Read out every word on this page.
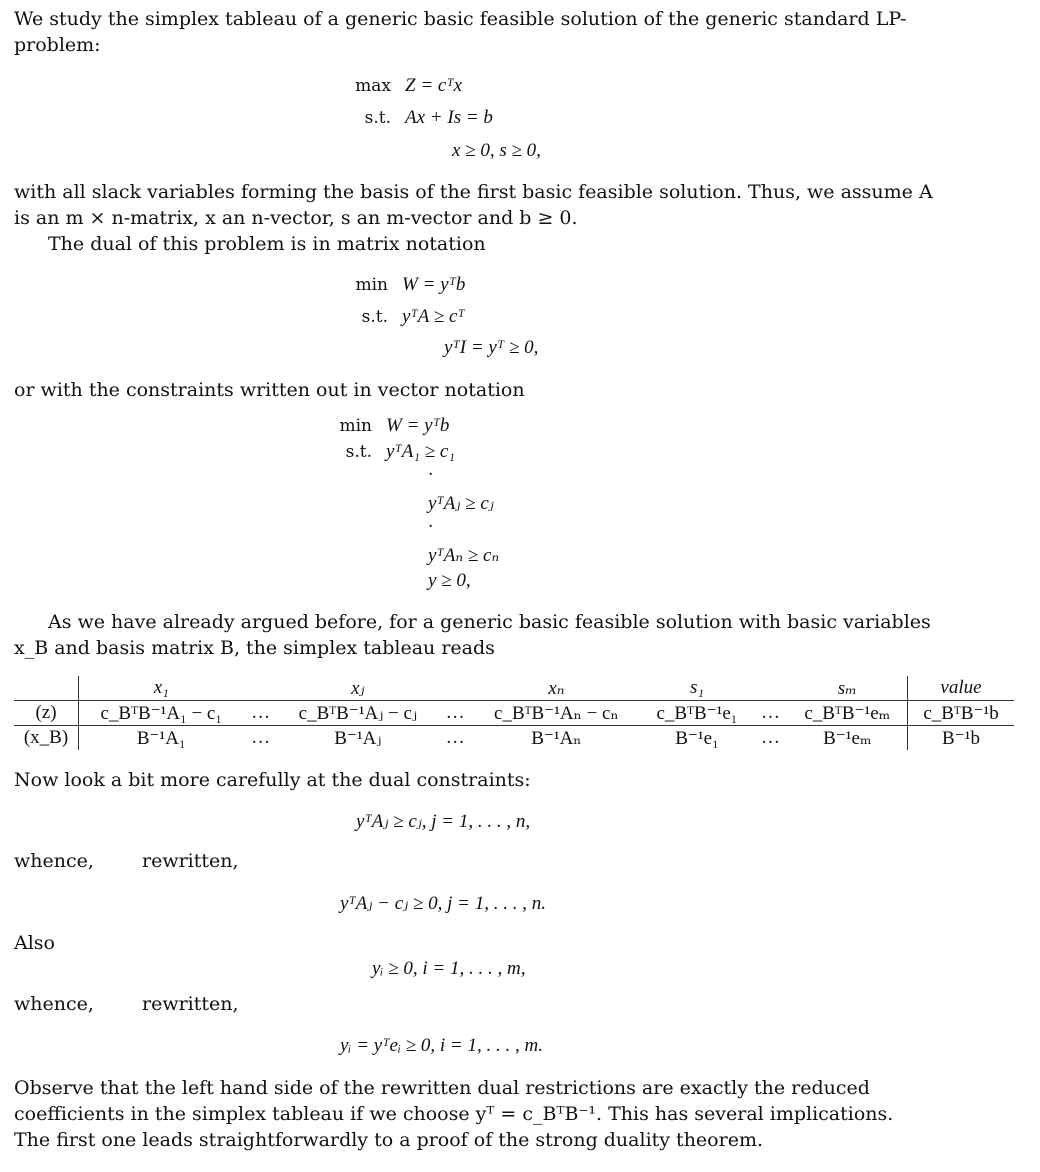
We study the simplex tableau of a generic basic feasible solution of the generic standard LP-problem:
max Z = cᵀx
s.t. Ax + Is = b
x ≥ 0, s ≥ 0,
with all slack variables forming the basis of the first basic feasible solution. Thus, we assume A is an m × n-matrix, x an n-vector, s an m-vector and b ≥ 0.
The dual of this problem is in matrix notation
min W = yᵀb
s.t. yᵀA ≥ cᵀ
yᵀI = yᵀ ≥ 0,
or with the constraints written out in vector notation
min W = yᵀb
s.t. yᵀA₁ ≥ c₁
·
yᵀAⱼ ≥ cⱼ
·
yᵀAₙ ≥ cₙ
y ≥ 0,
As we have already argued before, for a generic basic feasible solution with basic variables x_B and basis matrix B, the simplex tableau reads
	x₁		xⱼ		xₙ	s₁		sₘ	value
(z)	c_BᵀB⁻¹A₁ − c₁	…	c_BᵀB⁻¹Aⱼ − cⱼ	…	c_BᵀB⁻¹Aₙ − cₙ	c_BᵀB⁻¹e₁	…	c_BᵀB⁻¹eₘ	c_BᵀB⁻¹b
(x_B)	B⁻¹A₁	…	B⁻¹Aⱼ	…	B⁻¹Aₙ	B⁻¹e₁	…	B⁻¹eₘ	B⁻¹b
Now look a bit more carefully at the dual constraints:
yᵀAⱼ ≥ cⱼ, j = 1, . . . , n,
whence,	rewritten,
yᵀAⱼ − cⱼ ≥ 0, j = 1, . . . , n.
Also
yᵢ ≥ 0, i = 1, . . . , m,
whence,	rewritten,
yᵢ = yᵀeᵢ ≥ 0, i = 1, . . . , m.
Observe that the left hand side of the rewritten dual restrictions are exactly the reduced coefficients in the simplex tableau if we choose yᵀ = c_BᵀB⁻¹. This has several implications. The first one leads straightforwardly to a proof of the strong duality theorem.
